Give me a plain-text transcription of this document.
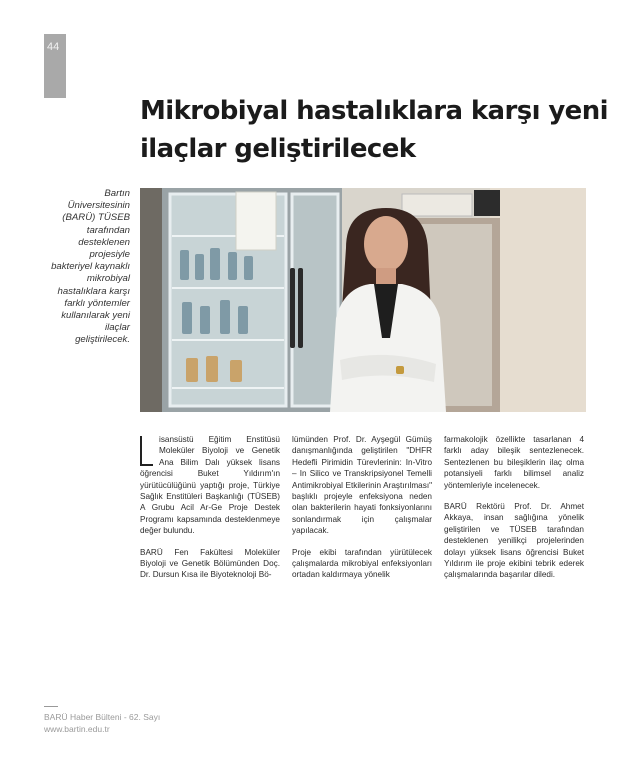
44
Mikrobiyal hastalıklara karşı yeni
ilaçlar geliştirilecek

Bartın Üniversitesinin (BARÜ) TÜSEB tarafından desteklenen projesiyle bakteriyel kaynaklı mikrobiyal hastalıklara karşı farklı yöntemler kullanılarak yeni ilaçlar geliştirilecek.

isansüstü Eğitim Enstitüsü Moleküler Biyoloji ve Genetik Ana Bilim Dalı yüksek lisans öğrencisi Buket Yıldırım'ın yürütücülüğünü yaptığı proje, Türkiye Sağlık Enstitüleri Başkanlığı (TÜSEB) A Grubu Acil Ar-Ge Proje Destek Programı kapsamında desteklenmeye değer bulundu.

BARÜ Fen Fakültesi Moleküler Biyoloji ve Genetik Bölümünden Doç. Dr. Dursun Kısa ile Biyoteknoloji Bö-

lümünden Prof. Dr. Ayşegül Gümüş danışmanlığında geliştirilen "DHFR Hedefli Pirimidin Türevlerinin: In-Vitro – In Silico ve Transkripsiyonel Temelli Antimikrobiyal Etkilerinin Araştırılması" başlıklı projeyle enfeksiyona neden olan bakterilerin hayati fonksiyonlarını sonlandırmak için çalışmalar yapılacak.

Proje ekibi tarafından yürütülecek çalışmalarda mikrobiyal enfeksiyonları ortadan kaldırmaya yönelik

farmakolojik özellikte tasarlanan 4 farklı aday bileşik sentezlenecek. Sentezlenen bu bileşiklerin ilaç olma potansiyeli farklı bilimsel analiz yöntemleriyle incelenecek.

BARÜ Rektörü Prof. Dr. Ahmet Akkaya, insan sağlığına yönelik geliştirilen ve TÜSEB tarafından desteklenen yenilikçi projelerinden dolayı yüksek lisans öğrencisi Buket Yıldırım ile proje ekibini tebrik ederek çalışmalarında başarılar diledi.

BARÜ Haber Bülteni - 62. Sayı
www.bartin.edu.tr
